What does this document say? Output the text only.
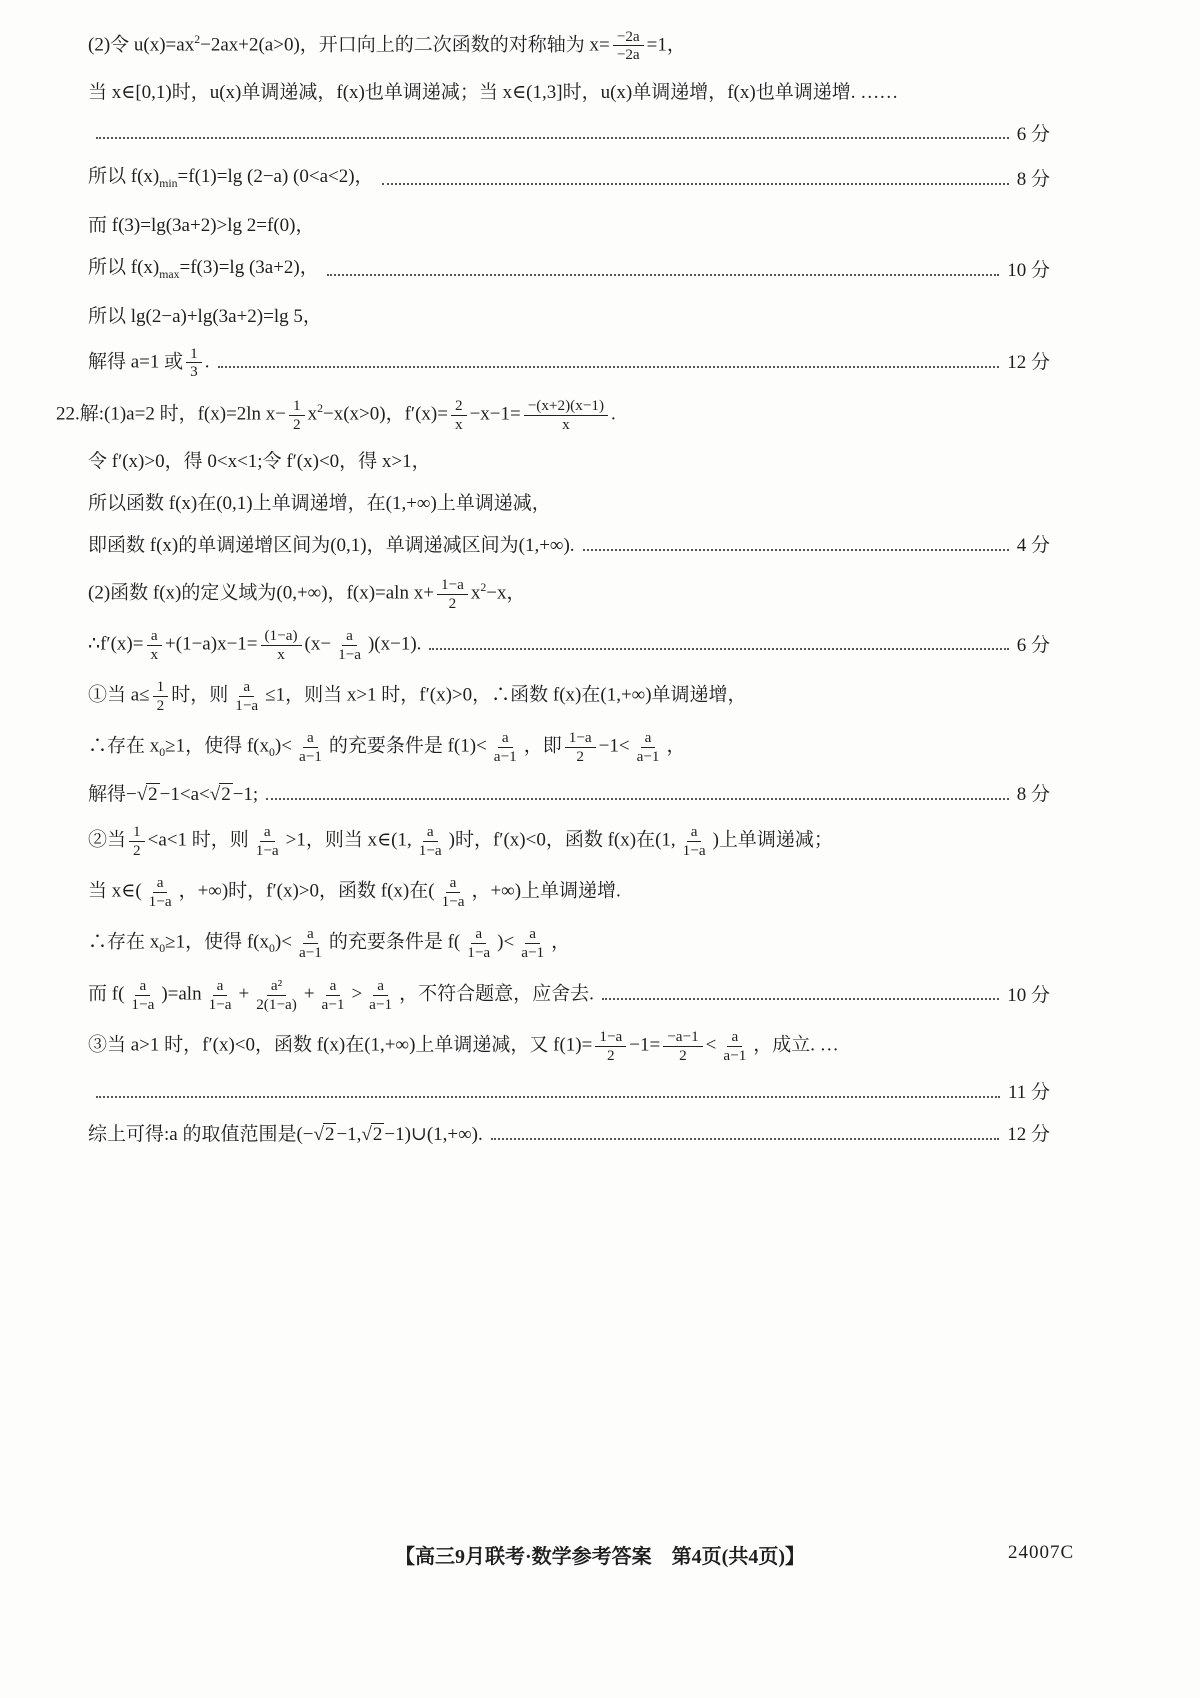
(2)令 $u(x)=ax^2-2ax+2(a>0)$，开口向上的二次函数的对称轴为 $x= \frac{-2a}{-2a} =1$，
当 x∈[0,1)时，u(x)单调递减，f(x)也单调递减；当 x∈(1,3]时，u(x)单调递增，f(x)也单调递增. ……
6 分
所以 $f(x)_{min}=f(1)=\lg$ (2−a) (0<a<2)，	8 分
而 f(3)=lg(3a+2)>lg 2=f(0)，
所以 $f(x)_{max}=f(3)=\lg$ (3a+2)，	10 分
所以 lg(2−a)+lg(3a+2)=lg 5，
解得 a=1 或 $\frac{1}{3}$ .	12 分
22.解:(1)a=2 时，f(x)=2ln $x- \frac{1}{2} x^2-x(x>0)$，$f'(x)= \frac{2}{x} -x-1= \frac{-(x+2)(x-1)}{x}$ .
令 f′(x)>0，得 0<x<1;令 f′(x)<0，得 x>1，
所以函数 f(x)在(0,1)上单调递增，在(1,+∞)上单调递减，
即函数 f(x)的单调递增区间为(0,1)，单调递减区间为(1,+∞).	4 分
(2)函数 f(x)的定义域为(0,+∞)，f(x)=aln $x+ \frac{1-a}{2} x^2-x$，
∴f′(x)= $\frac{a}{x} +(1-a)x-1= \frac{(1-a)}{x} (x- \frac{a}{1-a} )(x-1)$.	6 分
①当 $a\le \frac{1}{2}$ 时，则 $\frac{a}{1-a} \le 1$，则当 x>1 时，f′(x)>0，∴函数 f(x)在(1,+∞)单调递增，
∴存在 $x_0\ge 1$，使得 $f(x_0)< \frac{a}{a-1}$ 的充要条件是 $f(1)< \frac{a}{a-1}$ ，即 $\frac{1-a}{2} -1< \frac{a}{a-1}$ ，
解得−√2 −1<a<√2 −1;	8 分
②当 $\frac{1}{2} <a<1$ 时，则 $\frac{a}{1-a} >1$，则当 x∈(1, $\frac{a}{1-a}$ )时，f′(x)<0，函数 f(x)在(1, $\frac{a}{1-a}$ )上单调递减；
当 x∈( $\frac{a}{1-a}$ ，+∞)时，f′(x)>0，函数 f(x)在( $\frac{a}{1-a}$ ，+∞)上单调递增.
∴存在 $x_0\ge 1$，使得 $f(x_0)< \frac{a}{a-1}$ 的充要条件是 $f( \frac{a}{1-a}$ )< $\frac{a}{a-1}$ ，
而 $f( \frac{a}{1-a} )=aln \frac{a}{1-a} + \frac{\text{a²}}{2(1-a)} + \frac{a}{a-1} > \frac{a}{a-1}$ ，不符合题意，应舍去.	10 分
③当 a>1 时，f′(x)<0，函数 f(x)在(1,+∞)上单调递减，又 $f(1)= \frac{1-a}{2} -1= \frac{-a-1}{2} < \frac{a}{a-1}$ ，成立. …
11 分
综上可得:a 的取值范围是(−√2 −1,√2 −1)∪(1,+∞).	12 分
【高三9月联考·数学参考答案　第4页(共4页)】	24007C
